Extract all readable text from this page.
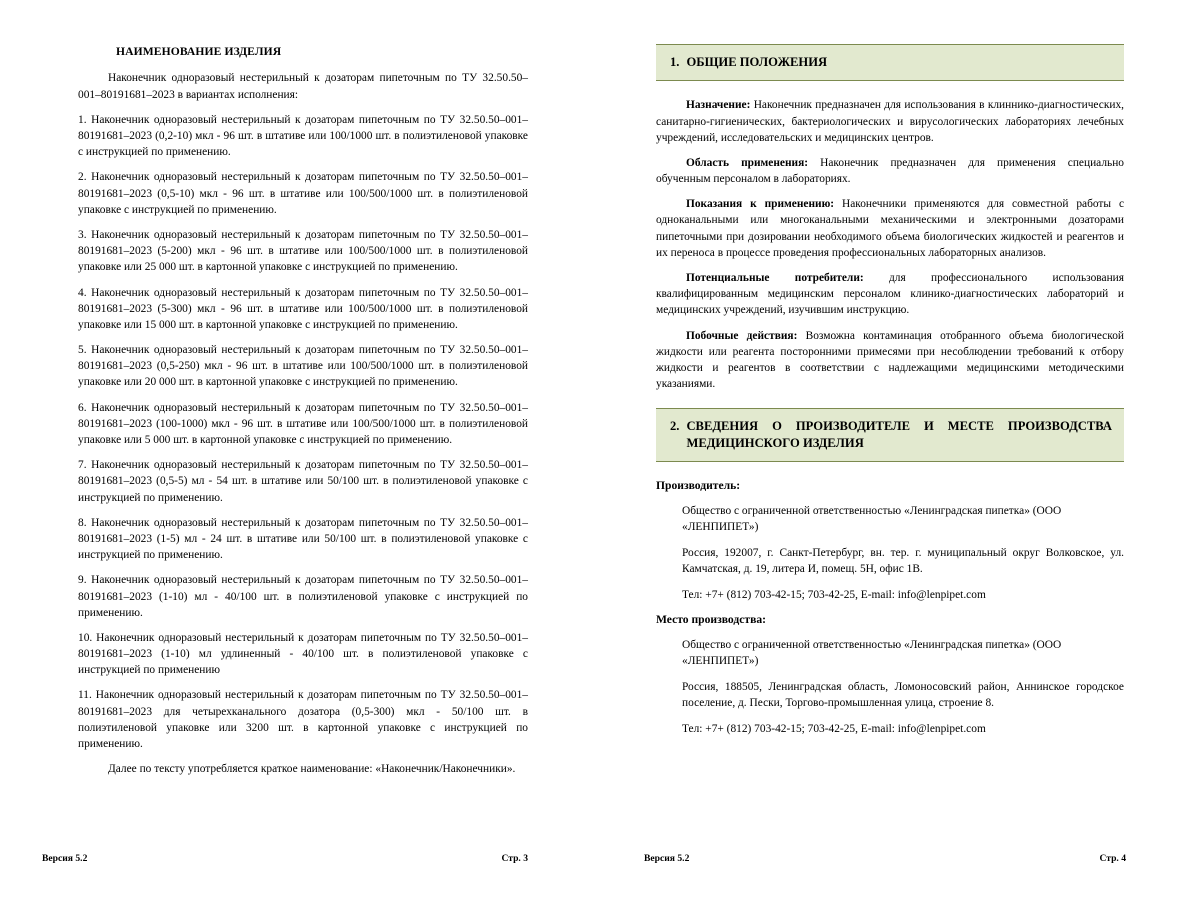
НАИМЕНОВАНИЕ ИЗДЕЛИЯ

Наконечник одноразовый нестерильный к дозаторам пипеточным по ТУ 32.50.50–001–80191681–2023 в вариантах исполнения:

1. Наконечник одноразовый нестерильный к дозаторам пипеточным по ТУ 32.50.50–001–80191681–2023 (0,2-10) мкл - 96 шт. в штативе или 100/1000 шт. в полиэтиленовой упаковке с инструкцией по применению.

2. Наконечник одноразовый нестерильный к дозаторам пипеточным по ТУ 32.50.50–001–80191681–2023 (0,5-10) мкл - 96 шт. в штативе или 100/500/1000 шт. в полиэтиленовой упаковке с инструкцией по применению.

3. Наконечник одноразовый нестерильный к дозаторам пипеточным по ТУ 32.50.50–001–80191681–2023 (5-200) мкл - 96 шт. в штативе или 100/500/1000 шт. в полиэтиленовой упаковке или 25 000 шт. в картонной упаковке с инструкцией по применению.

4. Наконечник одноразовый нестерильный к дозаторам пипеточным по ТУ 32.50.50–001–80191681–2023 (5-300) мкл - 96 шт. в штативе или 100/500/1000 шт. в полиэтиленовой упаковке или 15 000 шт. в картонной упаковке с инструкцией по применению.

5. Наконечник одноразовый нестерильный к дозаторам пипеточным по ТУ 32.50.50–001–80191681–2023 (0,5-250) мкл - 96 шт. в штативе или 100/500/1000 шт. в полиэтиленовой упаковке или 20 000 шт. в картонной упаковке с инструкцией по применению.

6. Наконечник одноразовый нестерильный к дозаторам пипеточным по ТУ 32.50.50–001–80191681–2023 (100-1000) мкл - 96 шт. в штативе или 100/500/1000 шт. в полиэтиленовой упаковке или 5 000 шт. в картонной упаковке с инструкцией по применению.

7. Наконечник одноразовый нестерильный к дозаторам пипеточным по ТУ 32.50.50–001–80191681–2023 (0,5-5) мл - 54 шт. в штативе или 50/100 шт. в полиэтиленовой упаковке с инструкцией по применению.

8. Наконечник одноразовый нестерильный к дозаторам пипеточным по ТУ 32.50.50–001–80191681–2023 (1-5) мл - 24 шт. в штативе или 50/100 шт. в полиэтиленовой упаковке с инструкцией по применению.

9. Наконечник одноразовый нестерильный к дозаторам пипеточным по ТУ 32.50.50–001–80191681–2023 (1-10) мл - 40/100 шт. в полиэтиленовой упаковке с инструкцией по применению.

10. Наконечник одноразовый нестерильный к дозаторам пипеточным по ТУ 32.50.50–001–80191681–2023 (1-10) мл удлиненный - 40/100 шт. в полиэтиленовой упаковке с инструкцией по применению

11. Наконечник одноразовый нестерильный к дозаторам пипеточным по ТУ 32.50.50–001–80191681–2023 для четырехканального дозатора (0,5-300) мкл - 50/100 шт. в полиэтиленовой упаковке или 3200 шт. в картонной упаковке с инструкцией по применению.

Далее по тексту употребляется краткое наименование: «Наконечник/Наконечники».

Версия 5.2	Стр. 3
1. ОБЩИЕ ПОЛОЖЕНИЯ

Назначение: Наконечник предназначен для использования в клиннико-диагностических, санитарно-гигиенических, бактериологических и вирусологических лабораториях лечебных учреждений, исследовательских и медицинских центров.

Область применения: Наконечник предназначен для применения специально обученным персоналом в лабораториях.

Показания к применению: Наконечники применяются для совместной работы с одноканальными или многоканальными механическими и электронными дозаторами пипеточными при дозировании необходимого объема биологических жидкостей и реагентов и их переноса в процессе проведения профессиональных лабораторных анализов.

Потенциальные потребители: для профессионального использования квалифицированным медицинским персоналом клинико-диагностических лабораторий и медицинских учреждений, изучившим инструкцию.

Побочные действия: Возможна контаминация отобранного объема биологической жидкости или реагента посторонними примесями при несоблюдении требований к отбору жидкости и реагентов в соответствии с надлежащими медицинскими методическими указаниями.

2. СВЕДЕНИЯ О ПРОИЗВОДИТЕЛЕ И МЕСТЕ ПРОИЗВОДСТВА МЕДИЦИНСКОГО ИЗДЕЛИЯ
Производитель:
Общество с ограниченной ответственностью «Ленинградская пипетка» (ООО «ЛЕНПИПЕТ»)
Россия, 192007, г. Санкт-Петербург, вн. тер. г. муниципальный округ Волковское, ул. Камчатская, д. 19, литера И, помещ. 5Н, офис 1В.
Тел: +7+ (812) 703-42-15; 703-42-25, E-mail: info@lenpipet.com
Место производства:
Общество с ограниченной ответственностью «Ленинградская пипетка» (ООО «ЛЕНПИПЕТ»)
Россия, 188505, Ленинградская область, Ломоносовский район, Аннинское городское поселение, д. Пески, Торгово-промышленная улица, строение 8.
Тел: +7+ (812) 703-42-15; 703-42-25, E-mail: info@lenpipet.com
Версия 5.2	Стр. 4
